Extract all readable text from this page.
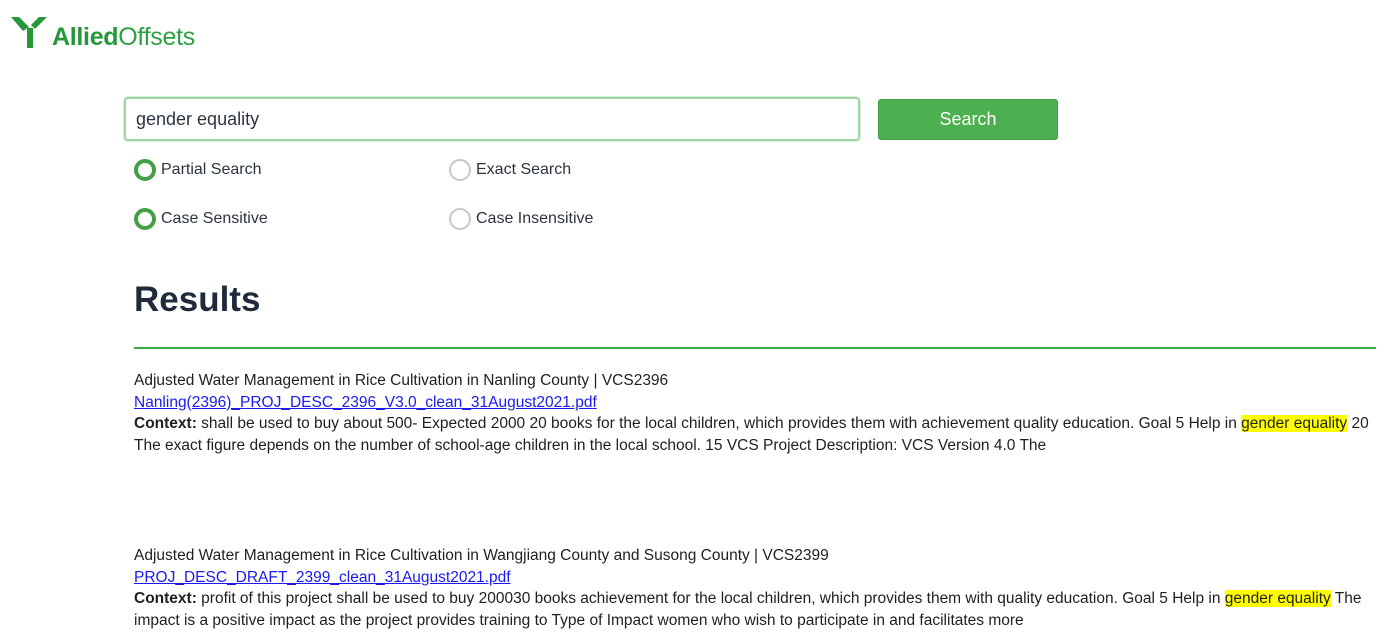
AlliedOffsets
gender equality
Search
Partial Search	Exact Search
Case Sensitive	Case Insensitive
Results
Adjusted Water Management in Rice Cultivation in Nanling County | VCS2396
Nanling(2396)_PROJ_DESC_2396_V3.0_clean_31August2021.pdf
Context: shall be used to buy about 500- Expected 2000 20 books for the local children, which provides them with achievement quality education. Goal 5 Help in gender equality 20 The exact figure depends on the number of school-age children in the local school. 15 VCS Project Description: VCS Version 4.0 The
Adjusted Water Management in Rice Cultivation in Wangjiang County and Susong County | VCS2399
PROJ_DESC_DRAFT_2399_clean_31August2021.pdf
Context: profit of this project shall be used to buy 200030 books achievement for the local children, which provides them with quality education. Goal 5 Help in gender equality The impact is a positive impact as the project provides training to Type of Impact women who wish to participate in and facilitates more
